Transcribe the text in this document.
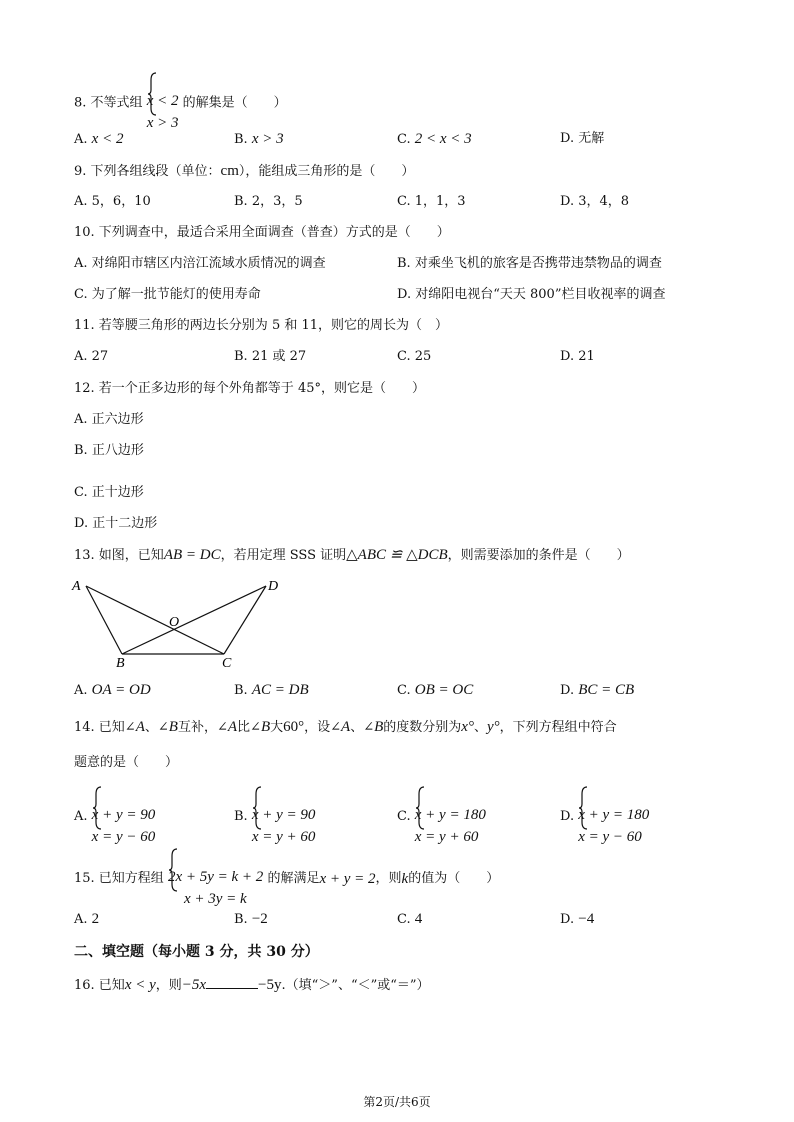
8. 不等式组 x < 2
x > 3
的解集是（　　）
A. x < 2	B. x > 3	C. 2 < x < 3	D. 无解
9. 下列各组线段（单位：cm），能组成三角形的是（　　）
A. 5，6，10	B. 2，3，5	C. 1，1，3	D. 3，4，8
10. 下列调查中，最适合采用全面调查（普查）方式的是（　　）
A. 对绵阳市辖区内涪江流域水质情况的调查	B. 对乘坐飞机的旅客是否携带违禁物品的调查
C. 为了解一批节能灯的使用寿命	D. 对绵阳电视台“天天 800”栏目收视率的调查
11. 若等腰三角形的两边长分别为 5 和 11，则它的周长为（　）
A. 27	B. 21 或 27	C. 25	D. 21
12. 若一个正多边形的每个外角都等于 45°，则它是（　　）
A. 正六边形
B. 正八边形
C. 正十边形
D. 正十二边形
13. 如图，已知AB = DC，若用定理 SSS 证明△ABC ≌ △DCB，则需要添加的条件是（　　）
A	D
O
B	C
A. OA = OD	B. AC = DB	C. OB = OC	D. BC = CB
14. 已知∠A、∠B互补，∠A比∠B大60°，设∠A、∠B的度数分别为x°、y°，下列方程组中符合
题意的是（　　）
A. x + y = 90
x = y − 60
B. x + y = 90
x = y + 60
C. x + y = 180
x = y + 60
D. x + y = 180
x = y − 60
15. 已知方程组 2x + 5y = k + 2
x + 3y = k
的解满足x + y = 2，则k的值为（　　）
A. 2	B. −2	C. 4	D. −4
二、填空题（每小题 3 分，共 30 分）
16. 已知x < y，则−5x	−5y.（填“＞”、“＜”或“＝”）
第2页/共6页
